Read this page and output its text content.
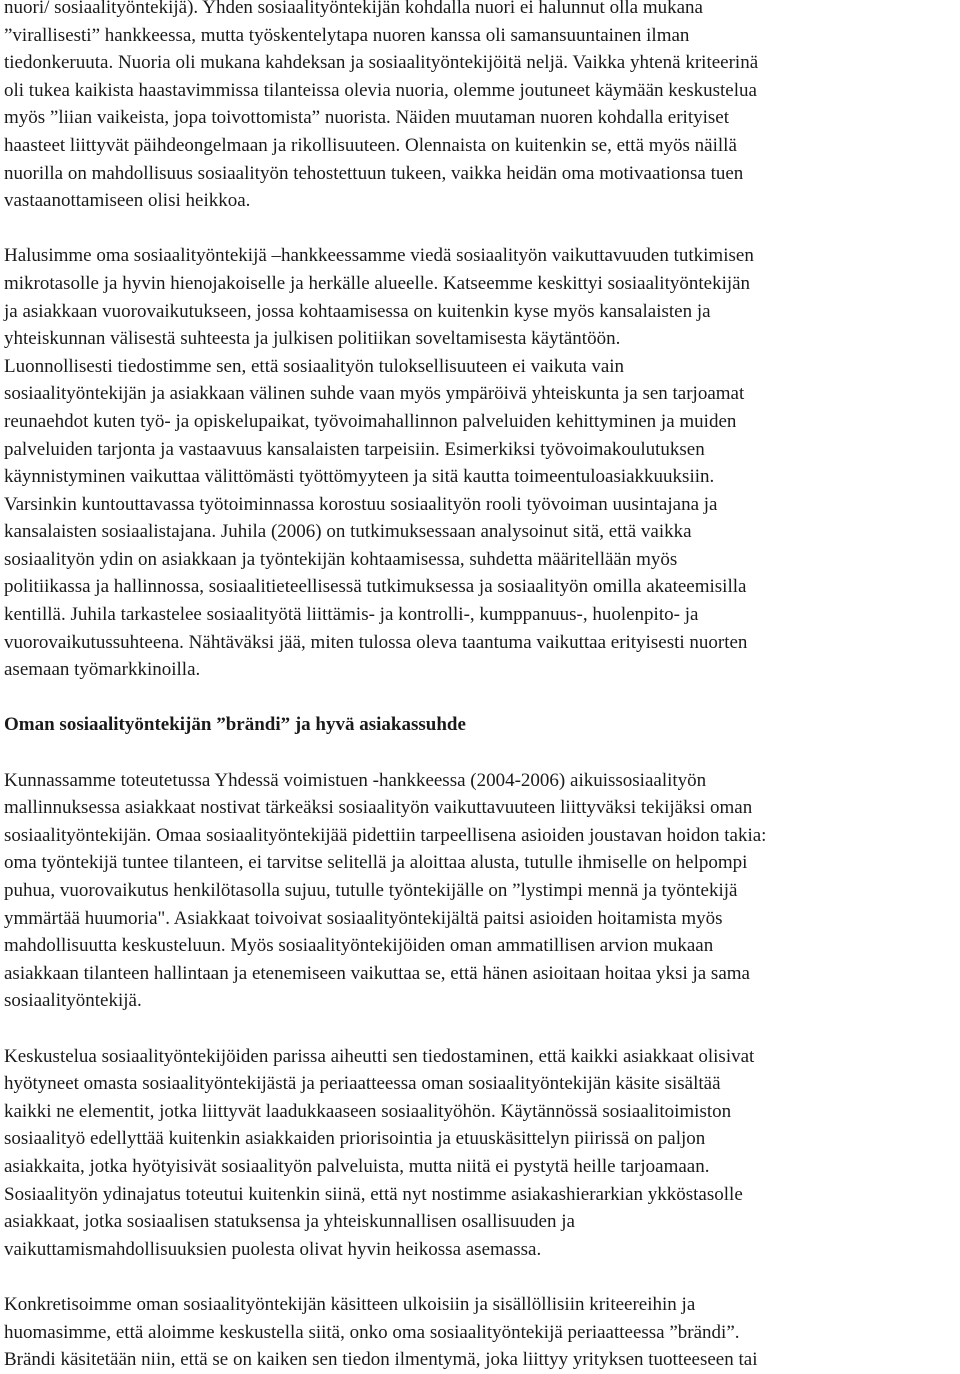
nuori/ sosiaalityöntekijä). Yhden sosiaalityöntekijän kohdalla nuori ei halunnut olla mukana
”virallisesti” hankkeessa, mutta työskentelytapa nuoren kanssa oli samansuuntainen ilman
tiedonkeruuta. Nuoria oli mukana kahdeksan ja sosiaalityöntekijöitä neljä. Vaikka yhtenä kriteerinä
oli tukea kaikista haastavimmissa tilanteissa olevia nuoria, olemme joutuneet käymään keskustelua
myös ”liian vaikeista, jopa toivottomista” nuorista. Näiden muutaman nuoren kohdalla erityiset
haasteet liittyvät päihdeongelmaan ja rikollisuuteen. Olennaista on kuitenkin se, että myös näillä
nuorilla on mahdollisuus sosiaalityön tehostettuun tukeen, vaikka heidän oma motivaationsa tuen
vastaanottamiseen olisi heikkoa.

Halusimme oma sosiaalityöntekijä –hankkeessamme viedä sosiaalityön vaikuttavuuden tutkimisen
mikrotasolle ja hyvin hienojakoiselle ja herkälle alueelle. Katseemme keskittyi sosiaalityöntekijän
ja asiakkaan vuorovaikutukseen, jossa kohtaamisessa on kuitenkin kyse myös kansalaisten ja
yhteiskunnan välisestä suhteesta ja julkisen politiikan soveltamisesta käytäntöön.
Luonnollisesti tiedostimme sen, että sosiaalityön tuloksellisuuteen ei vaikuta vain
sosiaalityöntekijän ja asiakkaan välinen suhde vaan myös ympäröivä yhteiskunta ja sen tarjoamat
reunaehdot kuten työ- ja opiskelupaikat, työvoimahallinnon palveluiden kehittyminen ja muiden
palveluiden tarjonta ja vastaavuus kansalaisten tarpeisiin. Esimerkiksi työvoimakoulutuksen
käynnistyminen vaikuttaa välittömästi työttömyyteen ja sitä kautta toimeentuloasiakkuuksiin.
Varsinkin kuntouttavassa työtoiminnassa korostuu sosiaalityön rooli työvoiman uusintajana ja
kansalaisten sosiaalistajana. Juhila (2006) on tutkimuksessaan analysoinut sitä, että vaikka
sosiaalityön ydin on asiakkaan ja työntekijän kohtaamisessa, suhdetta määritellään myös
politiikassa ja hallinnossa, sosiaalitieteellisessä tutkimuksessa ja sosiaalityön omilla akateemisilla
kentillä. Juhila tarkastelee sosiaalityötä liittämis- ja kontrolli-, kumppanuus-, huolenpito- ja
vuorovaikutussuhteena. Nähtäväksi jää, miten tulossa oleva taantuma vaikuttaa erityisesti nuorten
asemaan työmarkkinoilla.

Oman sosiaalityöntekijän ”brändi” ja hyvä asiakassuhde

Kunnassamme toteutetussa Yhdessä voimistuen -hankkeessa (2004-2006) aikuissosiaalityön
mallinnuksessa asiakkaat nostivat tärkeäksi sosiaalityön vaikuttavuuteen liittyväksi tekijäksi oman
sosiaalityöntekijän. Omaa sosiaalityöntekijää pidettiin tarpeellisena asioiden joustavan hoidon takia:
oma työntekijä tuntee tilanteen, ei tarvitse selitellä ja aloittaa alusta, tutulle ihmiselle on helpompi
puhua, vuorovaikutus henkilötasolla sujuu, tutulle työntekijälle on ”lystimpi mennä ja työntekijä
ymmärtää huumoria". Asiakkaat toivoivat sosiaalityöntekijältä paitsi asioiden hoitamista myös
mahdollisuutta keskusteluun. Myös sosiaalityöntekijöiden oman ammatillisen arvion mukaan
asiakkaan tilanteen hallintaan ja etenemiseen vaikuttaa se, että hänen asioitaan hoitaa yksi ja sama
sosiaalityöntekijä.

Keskustelua sosiaalityöntekijöiden parissa aiheutti sen tiedostaminen, että kaikki asiakkaat olisivat
hyötyneet omasta sosiaalityöntekijästä ja periaatteessa oman sosiaalityöntekijän käsite sisältää
kaikki ne elementit, jotka liittyvät laadukkaaseen sosiaalityöhön. Käytännössä sosiaalitoimiston
sosiaalityö edellyttää kuitenkin asiakkaiden priorisointia ja etuuskäsittelyn piirissä on paljon
asiakkaita, jotka hyötyisivät sosiaalityön palveluista, mutta niitä ei pystytä heille tarjoamaan.
Sosiaalityön ydinajatus toteutui kuitenkin siinä, että nyt nostimme asiakashierarkian ykköstasolle
asiakkaat, jotka sosiaalisen statuksensa ja yhteiskunnallisen osallisuuden ja
vaikuttamismahdollisuuksien puolesta olivat hyvin heikossa asemassa.

Konkretisoimme oman sosiaalityöntekijän käsitteen ulkoisiin ja sisällöllisiin kriteereihin ja
huomasimme, että aloimme keskustella siitä, onko oma sosiaalityöntekijä periaatteessa ”brändi”.
Brändi käsitetään niin, että se on kaiken sen tiedon ilmentymä, joka liittyy yrityksen tuotteeseen tai
